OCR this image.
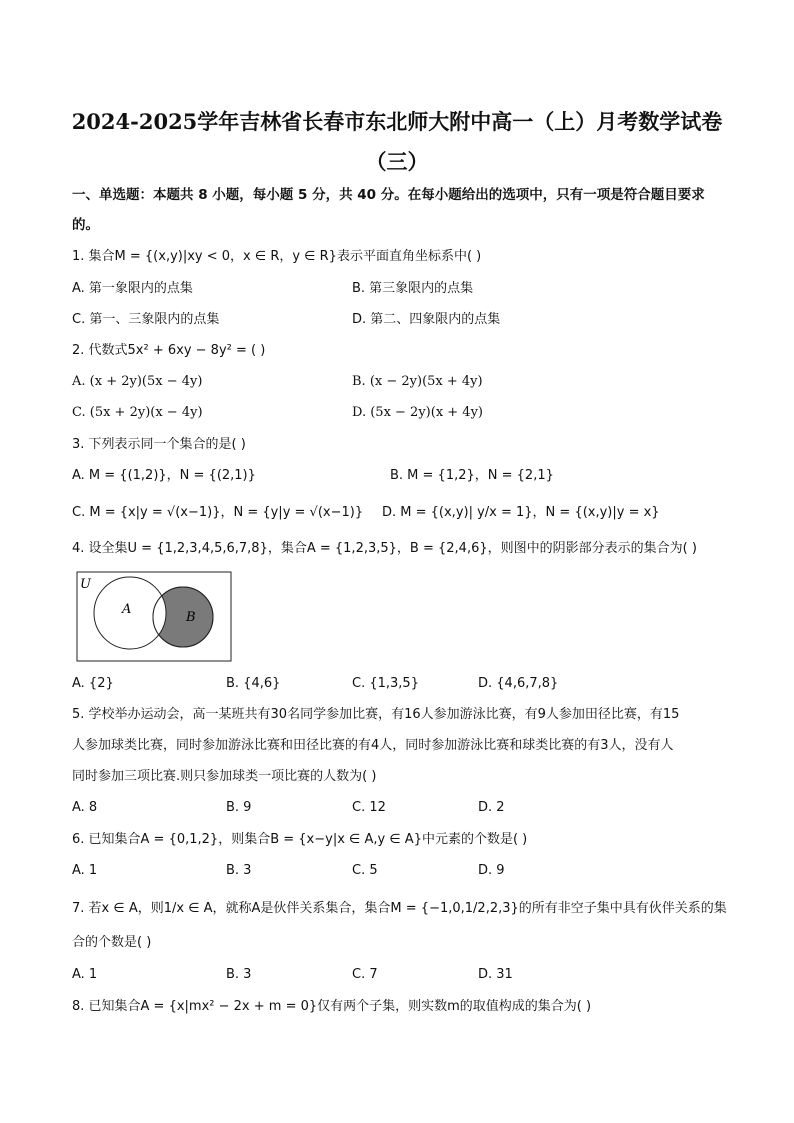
2024-2025学年吉林省长春市东北师大附中高一（上）月考数学试卷
（三）
一、单选题：本题共 8 小题，每小题 5 分，共 40 分。在每小题给出的选项中，只有一项是符合题目要求
的。
1. 集合M = {(x,y)|xy < 0，x ∈ R，y ∈ R}表示平面直角坐标系中( )
A. 第一象限内的点集	B. 第三象限内的点集
C. 第一、三象限内的点集	D. 第二、四象限内的点集
2. 代数式5x² + 6xy − 8y² = ( )
A. (x + 2y)(5x − 4y)	B. (x − 2y)(5x + 4y)
C. (5x + 2y)(x − 4y)	D. (5x − 2y)(x + 4y)
3. 下列表示同一个集合的是( )
A. M = {(1,2)}，N = {(2,1)}	B. M = {1,2}，N = {2,1}
C. M = {x|y = √(x−1)}，N = {y|y = √(x−1)} D. M = {(x,y)| y/x = 1}，N = {(x,y)|y = x}
4. 设全集U = {1,2,3,4,5,6,7,8}，集合A = {1,2,3,5}，B = {2,4,6}，则图中的阴影部分表示的集合为( )
U
A
B
A. {2}	B. {4,6}	C. {1,3,5}	D. {4,6,7,8}
5. 学校举办运动会，高一某班共有30名同学参加比赛，有16人参加游泳比赛，有9人参加田径比赛，有15
人参加球类比赛，同时参加游泳比赛和田径比赛的有4人，同时参加游泳比赛和球类比赛的有3人，没有人
同时参加三项比赛.则只参加球类一项比赛的人数为( )
A. 8	B. 9	C. 12	D. 2
6. 已知集合A = {0,1,2}，则集合B = {x−y|x ∈ A,y ∈ A}中元素的个数是( )
A. 1	B. 3	C. 5	D. 9
7. 若x ∈ A，则1/x ∈ A，就称A是伙伴关系集合，集合M = {−1,0,1/2,2,3}的所有非空子集中具有伙伴关系的集
合的个数是( )
A. 1	B. 3	C. 7	D. 31
8. 已知集合A = {x|mx² − 2x + m = 0}仅有两个子集，则实数m的取值构成的集合为( )
